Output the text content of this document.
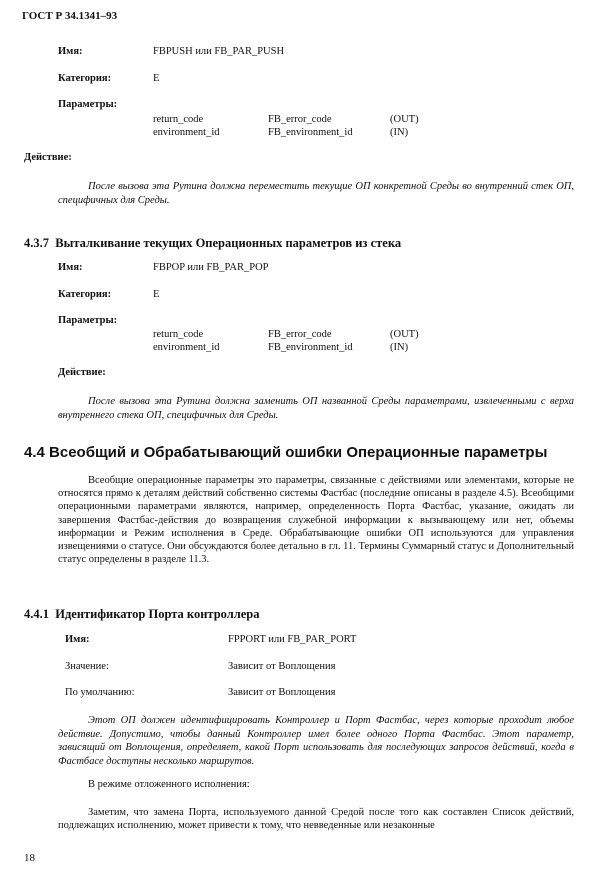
ГОСТ Р 34.1341–93
Имя:	FBPUSH или FB_PAR_PUSH
Категория:	E
Параметры:
return_code	FB_error_code	(OUT)
environment_id	FB_environment_id	(IN)
Действие:
После вызова эта Рутина должна переместить текущие ОП конкретной Среды во внутренний стек ОП, специфичных для Среды.
4.3.7 Выталкивание текущих Операционных параметров из стека
Имя:	FBPOP или FB_PAR_POP
Категория:	E
Параметры:
return_code	FB_error_code	(OUT)
environment_id	FB_environment_id	(IN)
Действие:
После вызова эта Рутина должна заменить ОП названной Среды параметрами, извлеченными с верха внутреннего стека ОП, специфичных для Среды.
4.4 Всеобщий и Обрабатывающий ошибки Операционные параметры
Всеобщие операционные параметры это параметры, связанные с действиями или элементами, которые не относятся прямо к деталям действий собственно системы Фастбас (последние описаны в разделе 4.5). Всеобщими операционными параметрами являются, например, определенность Порта Фастбас, указание, ожидать ли завершения Фастбас-действия до возвращения служебной информации к вызывающему или нет, объемы информации и Режим исполнения в Среде. Обрабатывающие ошибки ОП используются для управления извещениями о статусе. Они обсуждаются более детально в гл. 11. Термины Суммарный статус и Дополнительный статус определены в разделе 11.3.
4.4.1 Идентификатор Порта контроллера
Имя:	FPPORT или FB_PAR_PORT
Значение:	Зависит от Воплощения
По умолчанию:	Зависит от Воплощения
Этот ОП должен идентифицировать Контроллер и Порт Фастбас, через которые проходит любое действие. Допустимо, чтобы данный Контроллер имел более одного Порта Фастбас. Этот параметр, зависящий от Воплощения, определяет, какой Порт использовать для последующих запросов действий, когда в Фастбасе доступны несколько маршрутов.
В режиме отложенного исполнения:
Заметим, что замена Порта, используемого данной Средой после того как составлен Список действий, подлежащих исполнению, может привести к тому, что невведенные или незаконные
18
